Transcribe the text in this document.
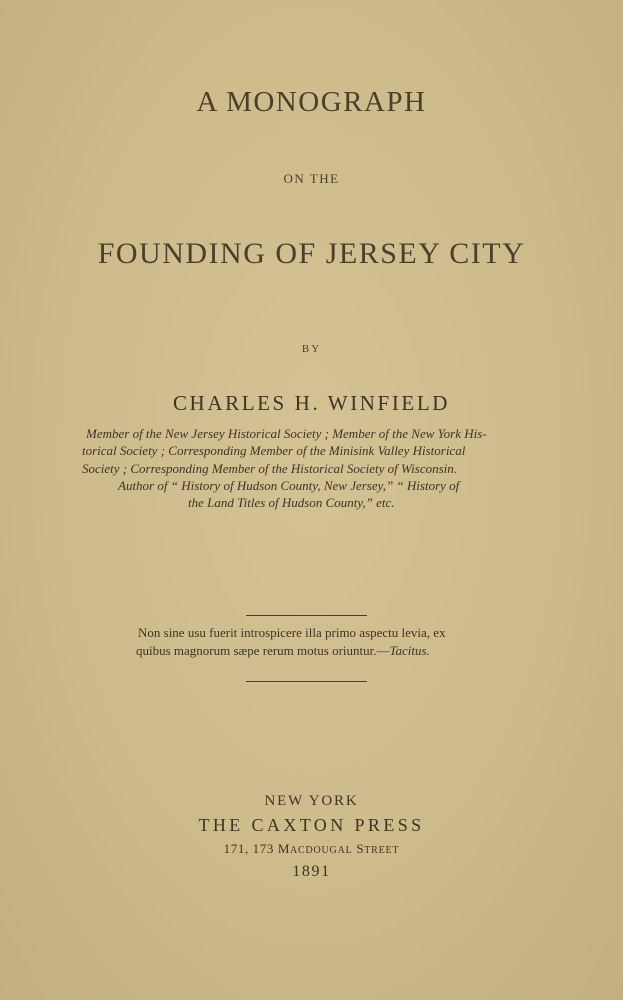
A MONOGRAPH
ON THE
FOUNDING OF JERSEY CITY
BY
CHARLES H. WINFIELD
Member of the New Jersey Historical Society ; Member of the New York His-
torical Society ; Corresponding Member of the Minisink Valley Historical
Society ; Corresponding Member of the Historical Society of Wisconsin.
Author of “ History of Hudson County, New Jersey,” “ History of
the Land Titles of Hudson County,” etc.
Non sine usu fuerit introspicere illa primo aspectu levia, ex
quibus magnorum sæpe rerum motus oriuntur.—Tacitus.
NEW YORK
THE CAXTON PRESS
171, 173 MACDOUGAL STREET
1891
